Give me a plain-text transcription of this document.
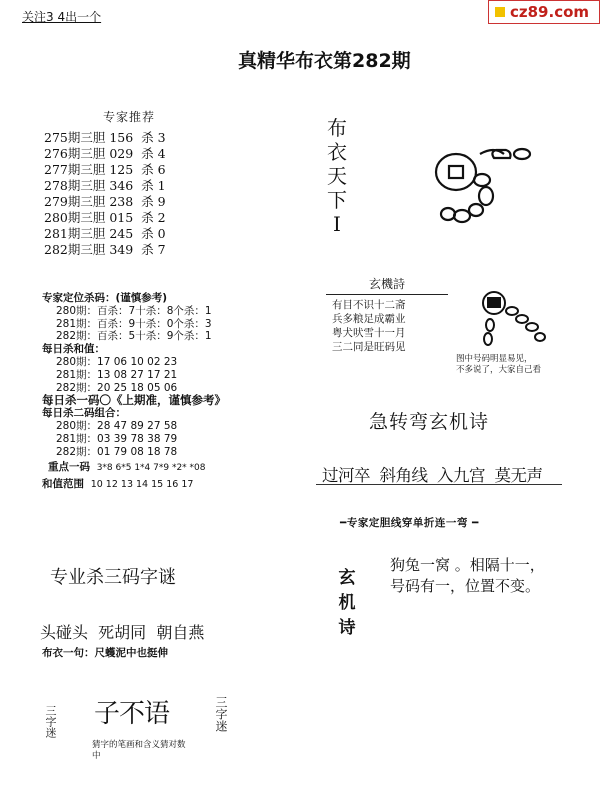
关注3 4出一个	cz89.com
真精华布衣第282期
专家推荐
275期三胆 156 杀 3
276期三胆 029 杀 4
277期三胆 125 杀 6
278期三胆 346 杀 1
279期三胆 238 杀 9
280期三胆 015 杀 2
281期三胆 245 杀 0
282期三胆 349 杀 7
专家定位杀码：(谨慎参考)
280期：百杀：7十杀：8个杀：1
281期：百杀：9十杀：0个杀：3
282期：百杀：5十杀：9个杀：1
每日杀和值：
280期：17 06 10 02 23
281期：13 08 27 17 21
282期：20 25 18 05 06
每日杀一码〇《上期准，谨慎参考》
每日杀二码组合：
280期：28 47 89 27 58
281期：03 39 78 38 79
282期：01 79 08 18 78
重点一码 3*8 6*5 1*4 7*9 *2* *08
和值范围 10 12 13 14 15 16 17
专业杀三码字谜
头碰头  死胡同  朝自燕
布衣一句：尺蠖泥中也挺伸
三字迷 子不语
猜字的笔画和含义猜对数中
三字迷
布衣天下Ⅰ
玄機詩
有目不识十二斋
兵多粮足成霸业
粤犬吠雪十一月
三二同是旺码见
图中号码明显易见，
不多说了，大家自己看
急转弯玄机诗
过河卒  斜角线  入九宫  莫无声
━专家定胆线穿单折连一弯 ━
玄机诗
狗兔一窝 。相隔十一，
号码有一，位置不变。
